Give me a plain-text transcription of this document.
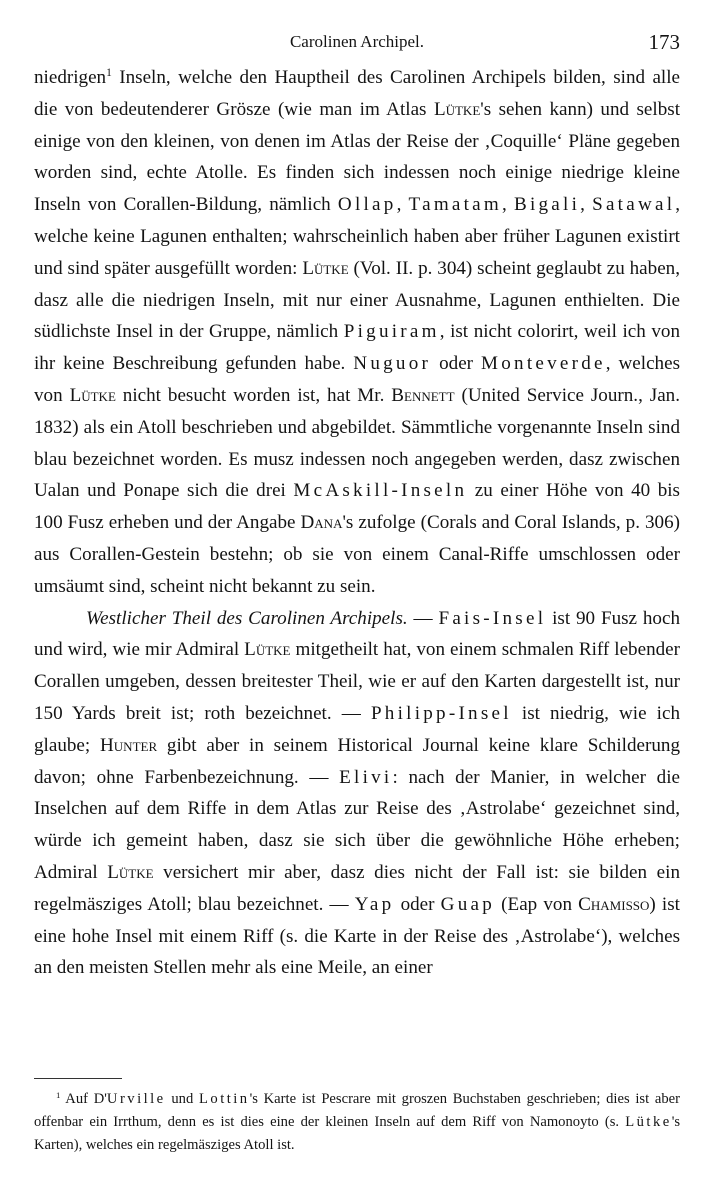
Carolinen Archipel.	173

niedrigen$^1$ Inseln, welche den Hauptheil des Carolinen Archipels bilden, sind alle die von bedeutenderer Grösze (wie man im Atlas Lütke's sehen kann) und selbst einige von den kleinen, von denen im Atlas der Reise der ‚Coquille‘ Pläne gegeben worden sind, echte Atolle. Es finden sich indessen noch einige niedrige kleine Inseln von Corallen-Bildung, nämlich Ollap, Tamatam, Bigali, Satawal, welche keine Lagunen enthalten; wahrscheinlich haben aber früher Lagunen existirt und sind später ausgefüllt worden: Lütke (Vol. II. p. 304) scheint geglaubt zu haben, dasz alle die niedrigen Inseln, mit nur einer Ausnahme, Lagunen enthielten. Die südlichste Insel in der Gruppe, nämlich Piguiram, ist nicht colorirt, weil ich von ihr keine Beschreibung gefunden habe. Nuguor oder Monteverde, welches von Lütke nicht besucht worden ist, hat Mr. Bennett (United Service Journ., Jan. 1832) als ein Atoll beschrieben und abgebildet. Sämmtliche vorgenannte Inseln sind blau bezeichnet worden. Es musz indessen noch angegeben werden, dasz zwischen Ualan und Ponape sich die drei McAskill-Inseln zu einer Höhe von 40 bis 100 Fusz erheben und der Angabe Dana's zufolge (Corals and Coral Islands, p. 306) aus Corallen-Gestein bestehn; ob sie von einem Canal-Riffe umschlossen oder umsäumt sind, scheint nicht bekannt zu sein.

Westlicher Theil des Carolinen Archipels. — Fais-Insel ist 90 Fusz hoch und wird, wie mir Admiral Lütke mitgetheilt hat, von einem schmalen Riff lebender Corallen umgeben, dessen breitester Theil, wie er auf den Karten dargestellt ist, nur 150 Yards breit ist; roth bezeichnet. — Philipp-Insel ist niedrig, wie ich glaube; Hunter gibt aber in seinem Historical Journal keine klare Schilderung davon; ohne Farbenbezeichnung. — Elivi: nach der Manier, in welcher die Inselchen auf dem Riffe in dem Atlas zur Reise des ‚Astrolabe‘ gezeichnet sind, würde ich gemeint haben, dasz sie sich über die gewöhnliche Höhe erheben; Admiral Lütke versichert mir aber, dasz dies nicht der Fall ist: sie bilden ein regelmäsziges Atoll; blau bezeichnet. — Yap oder Guap (Eap von Chamisso) ist eine hohe Insel mit einem Riff (s. die Karte in der Reise des ‚Astrolabe‘), welches an den meisten Stellen mehr als eine Meile, an einer

$^1$ Auf D'Urville und Lottin's Karte ist Pescrare mit groszen Buchstaben geschrieben; dies ist aber offenbar ein Irrthum, denn es ist dies eine der kleinen Inseln auf dem Riff von Namonoyto (s. Lütke's Karten), welches ein regelmäsziges Atoll ist.
